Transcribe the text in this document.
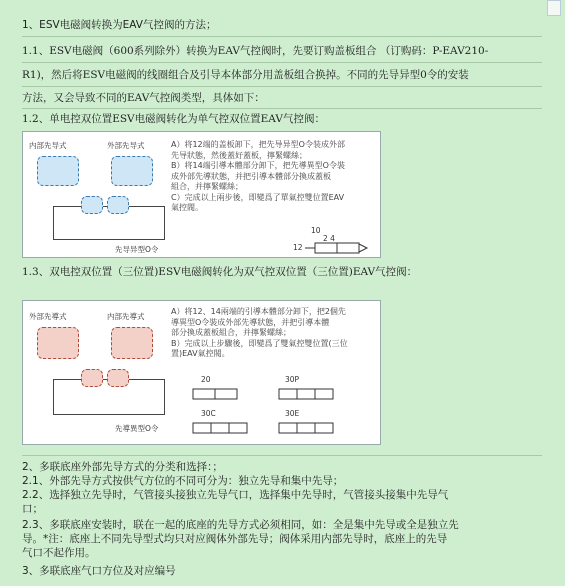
1、ESV电磁阀转换为EAV气控阀的方法；
1.1、ESV电磁阀（600系列除外）转换为EAV气控阀时，先要订购盖板组合 （订购码：P-EAV210-
R1)，然后将ESV电磁阀的线圈组合及引导本体部分用盖板组合换掉。不同的先导异型0令的安装
方法，又会导致不同的EAV气控阀类型，具体如下：
1.2、单电控双位置ESV电磁阀转化为单气控双位置EAV气控阀：
内部先导式	外部先导式
先导异型O令
A）将12端的盖板卸下，把先导异型O令装成外部
先导狀態，然後蓋好蓋板，擰緊螺絲；
B）将14端引導本體部分卸下，把先導異型O令裝
成外部先導狀態，并把引導本體部分換成蓋板
組合，并擰緊螺絲；
C）完成以上兩步後，即變爲了單氣控雙位置EAV
氣控閥。
10
2 4
12
1.3、双电控双位置（三位置)ESV电磁阀转化为双气控双位置（三位置)EAV气控阀：
外部先導式	内部先導式
先導異型O令
A）将12、14兩端的引導本體部分卸下，把2個先
導異型O令裝成外部先導狀態，并把引導本體
部分換成蓋板組合，并擰緊螺絲；
B）完成以上步驟後，即變爲了雙氣控雙位置(三位
置)EAV氣控閥。
20	30P
30C	30E
2、多联底座外部先导方式的分类和选择：；
2.1、外部先导方式按供气方位的不同可分为：独立先导和集中先导；
2.2、选择独立先导时，气管接头接独立先导气口，选择集中先导时，气管接头接集中先导气
口；
2.3、多联底座安装时，联在一起的底座的先导方式必须相同，如：全是集中先导或全是独立先
导。*注：底座上不同先导型式均只对应阀体外部先导；阀体采用内部先导时，底座上的先导
气口不起作用。
3、多联底座气口方位及对应编号
